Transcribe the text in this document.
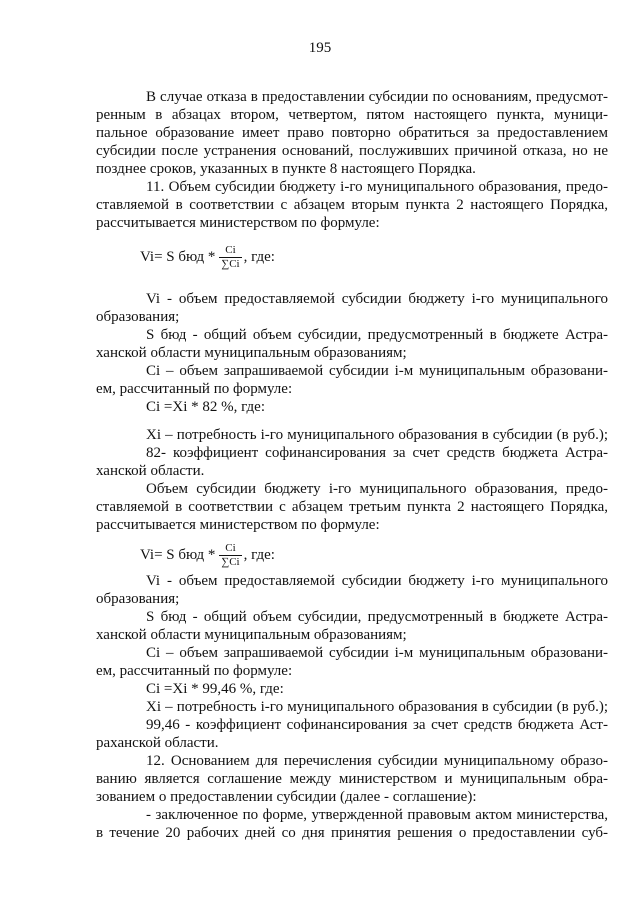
195
В случае отказа в предоставлении субсидии по основаниям, предусмот-
ренным в абзацах втором, четвертом, пятом настоящего пункта, муници-
пальное образование имеет право повторно обратиться за предоставлением
субсидии после устранения оснований, послуживших причиной отказа, но не
позднее сроков, указанных в пункте 8 настоящего Порядка.
11. Объем субсидии бюджету i-го муниципального образования, предо-
ставляемой в соответствии с абзацем вторым пункта 2 настоящего Порядка,
рассчитывается министерством по формуле:
Vi= S бюд * $\frac{Ci}{\sum Ci}$ , где:
Vi - объем предоставляемой субсидии бюджету i-го муниципального
образования;
S бюд - общий объем субсидии, предусмотренный в бюджете Астра-
ханской области муниципальным образованиям;
Ci – объем запрашиваемой субсидии i-м муниципальным образовани-
ем, рассчитанный по формуле:
Ci =Xi * 82 %, где:
Xi – потребность i-го муниципального образования в субсидии (в руб.);
82- коэффициент софинансирования за счет средств бюджета Астра-
ханской области.
Объем субсидии бюджету i-го муниципального образования, предо-
ставляемой в соответствии с абзацем третьим пункта 2 настоящего Порядка,
рассчитывается министерством по формуле:
Vi= S бюд * $\frac{Ci}{\sum Ci}$ , где:
Vi - объем предоставляемой субсидии бюджету i-го муниципального
образования;
S бюд - общий объем субсидии, предусмотренный в бюджете Астра-
ханской области муниципальным образованиям;
Ci – объем запрашиваемой субсидии i-м муниципальным образовани-
ем, рассчитанный по формуле:
Ci =Xi * 99,46 %, где:
Xi – потребность i-го муниципального образования в субсидии (в руб.);
99,46 - коэффициент софинансирования за счет средств бюджета Аст-
раханской области.
12. Основанием для перечисления субсидии муниципальному образо-
ванию является соглашение между министерством и муниципальным обра-
зованием о предоставлении субсидии (далее - соглашение):
- заключенное по форме, утвержденной правовым актом министерства,
в течение 20 рабочих дней со дня принятия решения о предоставлении суб-
